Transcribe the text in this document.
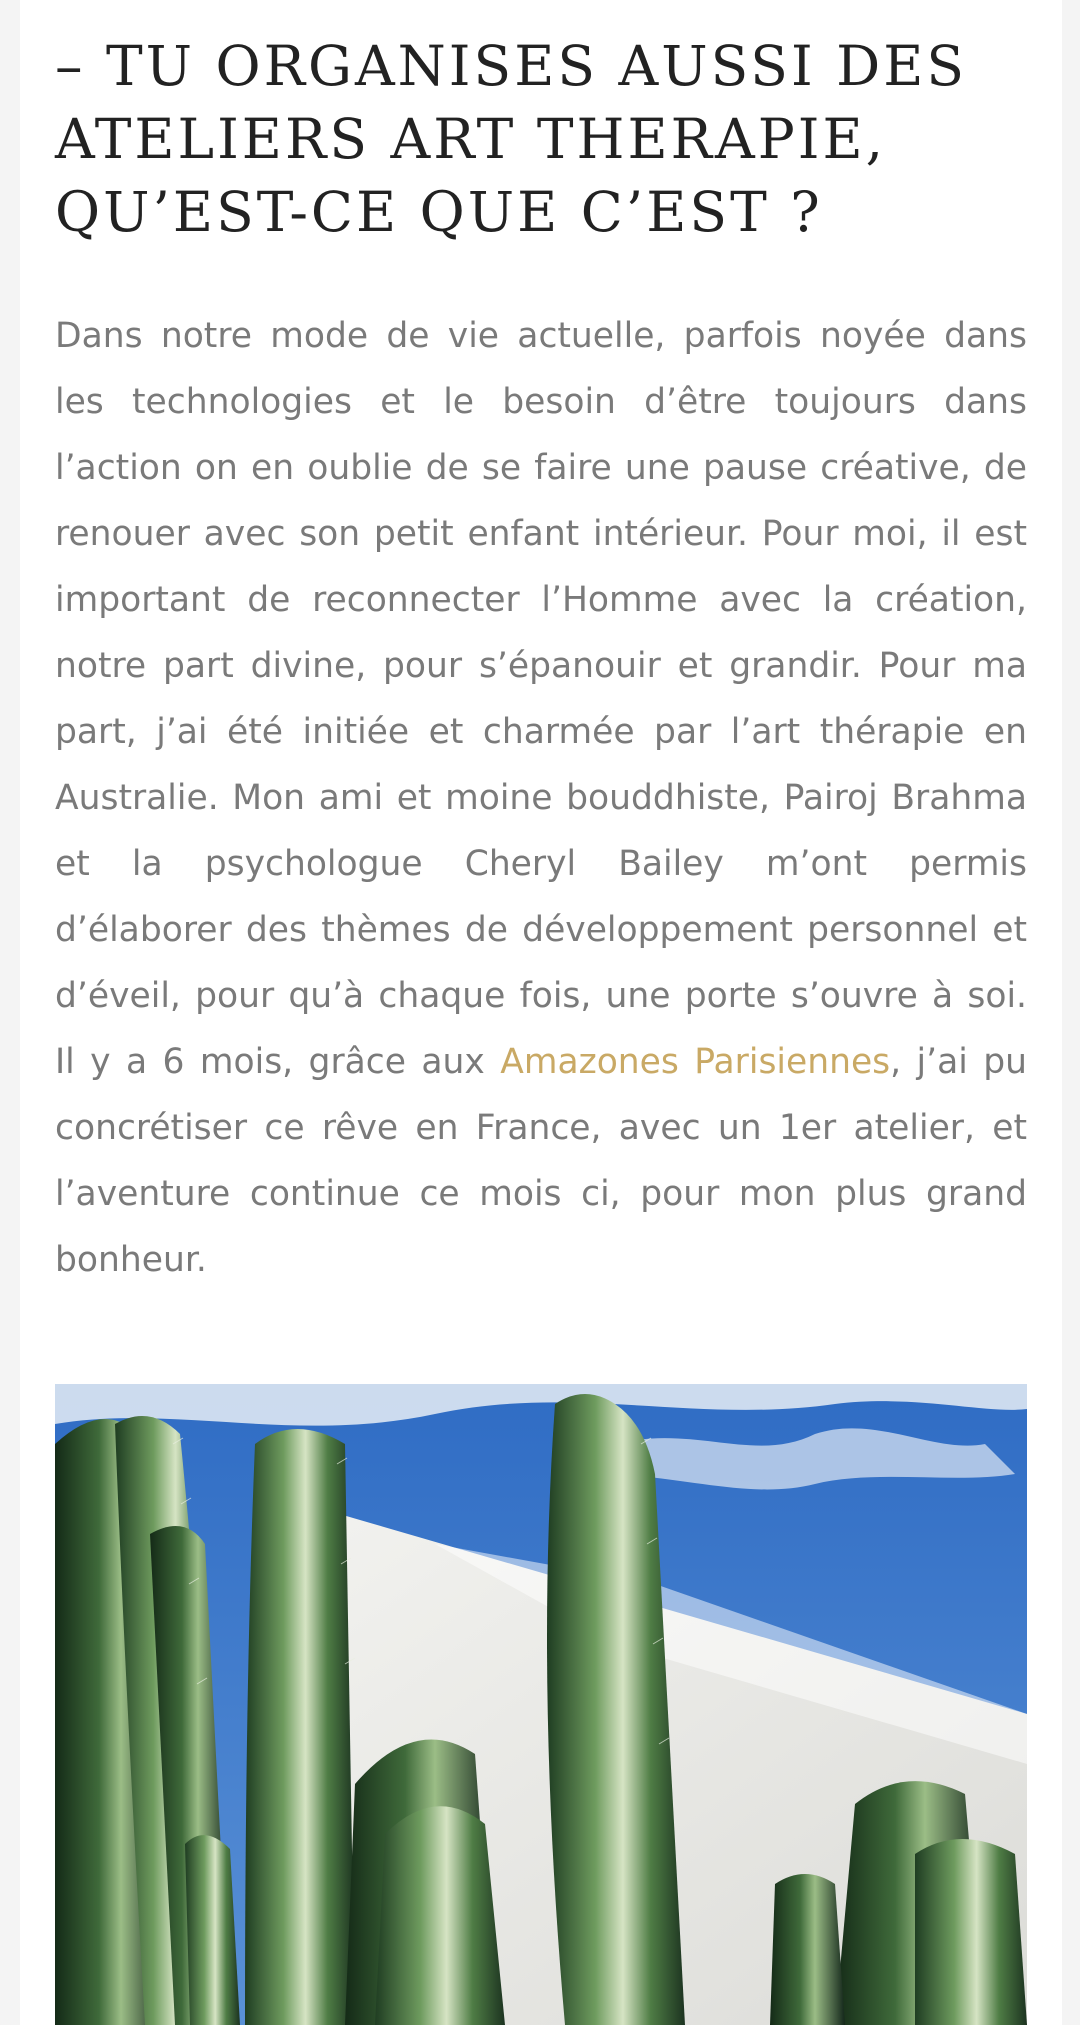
– TU ORGANISES AUSSI DES ATELIERS ART THERAPIE, QU’EST-CE QUE C’EST ?

Dans notre mode de vie actuelle, parfois noyée dans les technologies et le besoin d’être toujours dans l’action on en oublie de se faire une pause créative, de renouer avec son petit enfant intérieur. Pour moi, il est important de reconnecter l’Homme avec la création, notre part divine, pour s’épanouir et grandir. Pour ma part, j’ai été initiée et charmée par l’art thérapie en Australie. Mon ami et moine bouddhiste, Pairoj Brahma et la psychologue Cheryl Bailey m’ont permis d’élaborer des thèmes de développement personnel et d’éveil, pour qu’à chaque fois, une porte s’ouvre à soi. Il y a 6 mois, grâce aux Amazones Parisiennes, j’ai pu concrétiser ce rêve en France, avec un 1er atelier, et l’aventure continue ce mois ci, pour mon plus grand bonheur.
